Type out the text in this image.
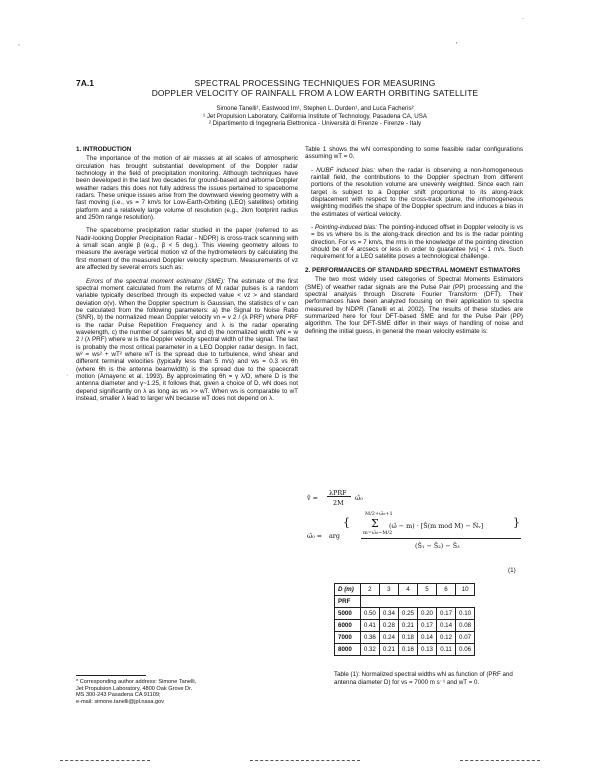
.
'
·
,
7A.1	SPECTRAL PROCESSING TECHNIQUES FOR MEASURING
DOPPLER VELOCITY OF RAINFALL FROM A LOW EARTH ORBITING SATELLITE
Simone Tanelli¹, Eastwood Im¹, Stephen L. Durden¹, and Luca Facheris²
¹ Jet Propulsion Laboratory, California Institute of Technology, Pasadena CA, USA
² Dipartimento di Ingegneria Elettronica - Università di Firenze - Firenze - Italy
1. INTRODUCTION

The importance of the motion of air masses at all scales of atmospheric circulation has brought substantial development of the Doppler radar technology in the field of precipitation monitoring. Although techniques have been developed in the last two decades for ground-based and airborne Doppler weather radars this does not fully address the issues pertained to spaceborne radars. These unique issues arise from the downward viewing geometry with a fast moving (i.e., vs = 7 km/s for Low-Earth-Orbiting (LEO) satellites) orbiting platform and a relatively large volume of resolution (e.g., 2km footprint radius and 250m range resolution).

The spaceborne precipitation radar studied in the paper (referred to as Nadir-looking Doppler Precipitation Radar - NDPR) is cross-track scanning with a small scan angle β (e.g., β < 5 deg.). This viewing geometry allows to measure the average vertical motion vz of the hydrometeors by calculating the first moment of the measured Doppler velocity spectrum. Measurements of vz are affected by several errors such as:

Errors of the spectral moment estimator (SME): The estimate of the first spectral moment calculated from the returns of M radar pulses is a random variable typically described through its expected value < vz > and standard deviation σ(v). When the Doppler spectrum is Gaussian, the statistics of v can be calculated from the following parameters: a) the Signal to Noise Ratio (SNR), b) the normalized mean Doppler velocity vn = v 2 / (λ PRF) where PRF is the radar Pulse Repetition Frequency and λ is the radar operating wavelength, c) the number of samples M, and d) the normalized width wN = w 2 / (λ PRF) where w is the Doppler velocity spectral width of the signal. The last is probably the most critical parameter in a LEO Doppler radar design. In fact, w² = ws² + wT² where wT is the spread due to turbulence, wind shear and different terminal velocities (typically less than 5 m/s) and ws = 0.3 vs θh (where θh is the antenna beamwidth) is the spread due to the spacecraft motion (Amayenc et al. 1993). By approximating θh = γ λ/D, where D is the antenna diameter and γ~1.25, it follows that, given a choice of D, wN does not depend significantly on λ as long as ws >> wT. When ws is comparable to wT instead, smaller λ lead to larger wN because wT does not depend on λ.

* Corresponding author address: Simone Tanelli,
Jet Propulsion Laboratory, 4800 Oak Grove Dr.
MS 300-243 Pasadena CA 91109;
e-mail: simone.tanelli@jpl.nasa.gov

Table 1 shows the wN corresponding to some feasible radar configurations assuming wT = 0.

- NUBF induced bias: when the radar is observing a non-homogeneous rainfall field, the contributions to the Doppler spectrum from different portions of the resolution volume are unevenly weighted. Since each rain target is subject to a Doppler shift proportional to its along-track displacement with respect to the cross-track plane, the inhomogeneous weighting modifies the shape of the Doppler spectrum and induces a bias in the estimates of vertical velocity.

- Pointing-induced bias: The pointing-induced offset in Doppler velocity is vs = bs vs where bs is the along-track direction and bs is the radar pointing direction. For vs = 7 km/s, the rms in the knowledge of the pointing direction should be of 4 arcsecs or less in order to guarantee |vs| < 1 m/s. Such requirement for a LEO satellite poses a technological challenge.

2. PERFORMANCES OF STANDARD SPECTRAL MOMENT ESTIMATORS

The two most widely used categories of Spectral Moments Estimators (SME) of weather radar signals are the Pulse Pair (PP) processing and the spectral analysis through Discrete Fourier Transform (DFT). Their performances have been analyzed focusing on their application to spectra measured by NDPR (Tanelli et al. 2002). The results of these studies are summarized here for four DFT-based SME and for the Pulse Pair (PP) algorithm. The four DFT-SME differ in their ways of handling of noise and defining the initial guess, in general the mean velocity estimate is:

v̂ =
λPRF
2M
ω̂₀
ω̂₀ = arg
{
M/2+ω̄₀+1
Σ
m=ω̄₀−M/2
(ω̂ − m) · [Ŝ(m mod M) − N̂ᵥ]
(Ŝ₁ − Ŝ₂) − Ŝ₃
}
(1)
D (m)	2	3	4	5	6	10
PRF						
5000	0.50	0.34	0.25	0.20	0.17	0.10
6000	0.41	0.28	0.21	0.17	0.14	0.08
7000	0.36	0.24	0.18	0.14	0.12	0.07
8000	0.32	0.21	0.16	0.13	0.11	0.06
Table (1): Normalized spectral widths wN as function of (PRF and antenna diameter D) for vs = 7000 m s⁻¹ and wT = 0.
